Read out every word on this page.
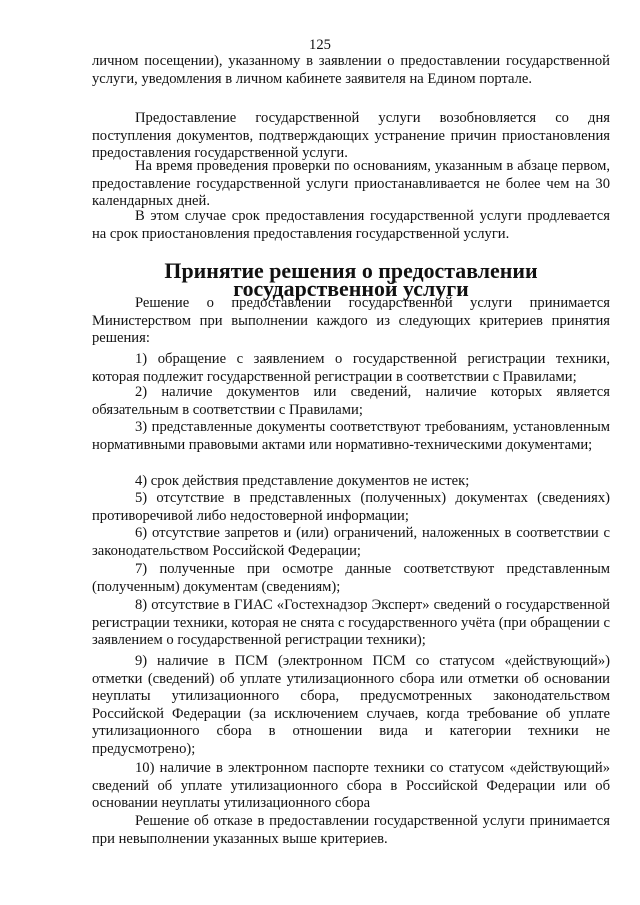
125

личном посещении), указанному в заявлении о предоставлении государственной услуги, уведомления в личном кабинете заявителя на Едином портале.

Предоставление государственной услуги возобновляется со дня поступления документов, подтверждающих устранение причин приостановления предоставления государственной услуги.

На время проведения проверки по основаниям, указанным в абзаце первом, предоставление государственной услуги приостанавливается не более чем на 30 календарных дней.

В этом случае срок предоставления государственной услуги продлевается на срок приостановления предоставления государственной услуги.

Принятие решения о предоставлении государственной услуги

Решение о предоставлении государственной услуги принимается Министерством при выполнении каждого из следующих критериев принятия решения:

1) обращение с заявлением о государственной регистрации техники, которая подлежит государственной регистрации в соответствии с Правилами;

2) наличие документов или сведений, наличие которых является обязательным в соответствии с Правилами;

3) представленные документы соответствуют требованиям, установленным нормативными правовыми актами или нормативно-техническими документами;

4) срок действия представление документов не истек;

5) отсутствие в представленных (полученных) документах (сведениях) противоречивой либо недостоверной информации;

6) отсутствие запретов и (или) ограничений, наложенных в соответствии с законодательством Российской Федерации;

7) полученные при осмотре данные соответствуют представленным (полученным) документам (сведениям);

8) отсутствие в ГИАС «Гостехнадзор Эксперт» сведений о государственной регистрации техники, которая не снята с государственного учёта (при обращении с заявлением о государственной регистрации техники);

9) наличие в ПСМ (электронном ПСМ со статусом «действующий») отметки (сведений) об уплате утилизационного сбора или отметки об основании неуплаты утилизационного сбора, предусмотренных законодательством Российской Федерации (за исключением случаев, когда требование об уплате утилизационного сбора в отношении вида и категории техники не предусмотрено);

10) наличие в электронном паспорте техники со статусом «действующий» сведений об уплате утилизационного сбора в Российской Федерации или об основании неуплаты утилизационного сбора

Решение об отказе в предоставлении государственной услуги принимается при невыполнении указанных выше критериев.
